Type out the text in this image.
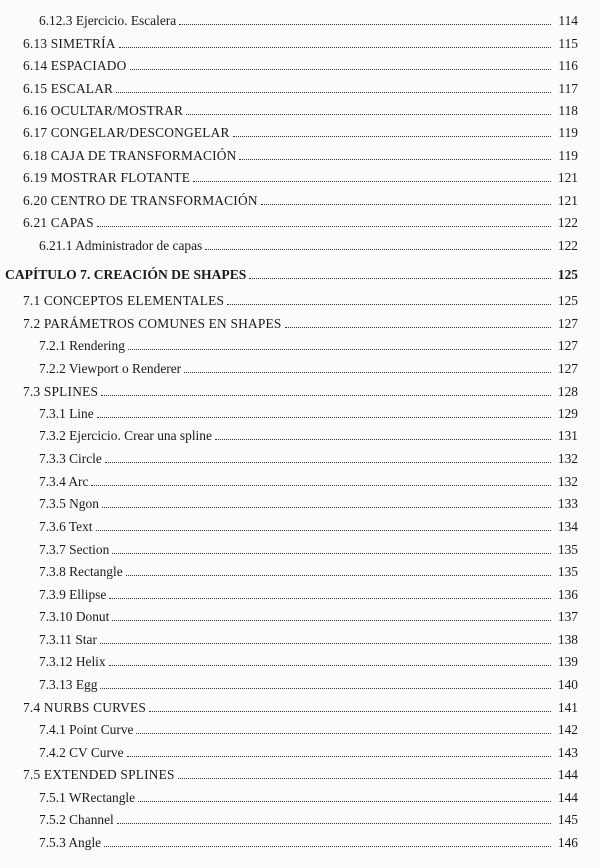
6.12.3 Ejercicio. Escalera	114
6.13 SIMETRÍA	115
6.14 ESPACIADO	116
6.15 ESCALAR	117
6.16 OCULTAR/MOSTRAR	118
6.17 CONGELAR/DESCONGELAR	119
6.18 CAJA DE TRANSFORMACIÓN	119
6.19 MOSTRAR FLOTANTE	121
6.20 CENTRO DE TRANSFORMACIÓN	121
6.21 CAPAS	122
6.21.1 Administrador de capas	122
CAPÍTULO 7. CREACIÓN DE SHAPES	125
7.1 CONCEPTOS ELEMENTALES	125
7.2 PARÁMETROS COMUNES EN SHAPES	127
7.2.1 Rendering	127
7.2.2 Viewport o Renderer	127
7.3 SPLINES	128
7.3.1 Line	129
7.3.2 Ejercicio. Crear una spline	131
7.3.3 Circle	132
7.3.4 Arc	132
7.3.5 Ngon	133
7.3.6 Text	134
7.3.7 Section	135
7.3.8 Rectangle	135
7.3.9 Ellipse	136
7.3.10 Donut	137
7.3.11 Star	138
7.3.12 Helix	139
7.3.13 Egg	140
7.4 NURBS CURVES	141
7.4.1 Point Curve	142
7.4.2 CV Curve	143
7.5 EXTENDED SPLINES	144
7.5.1 WRectangle	144
7.5.2 Channel	145
7.5.3 Angle	146
